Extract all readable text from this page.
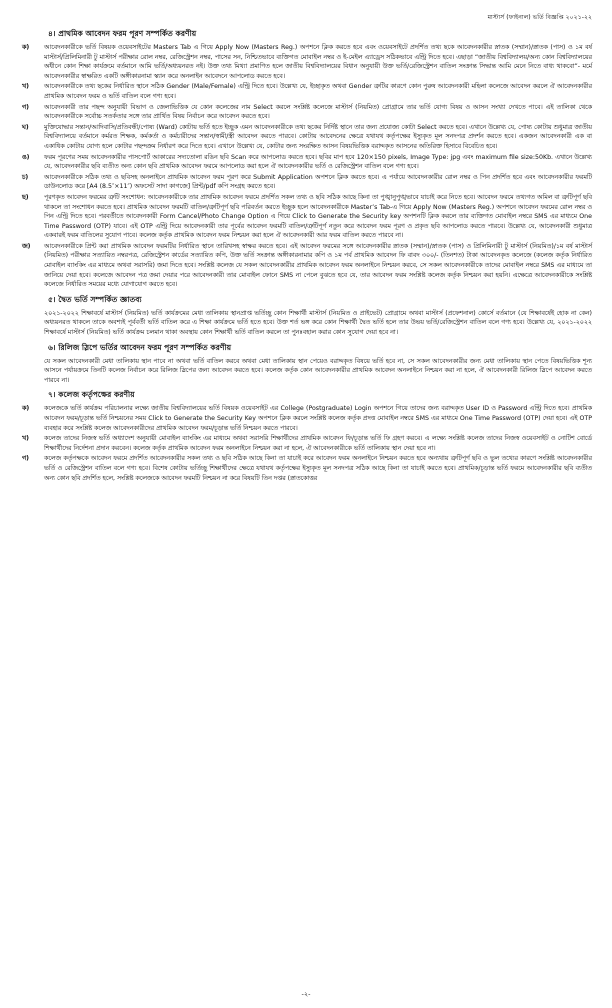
মাস্টার্স (ফাইনাল) ভর্তি বিজ্ঞপ্তি ২০২১-২২
৪। প্রাথমিক আবেদন ফরম পূরণ সম্পর্কিত করণীয়
ক) আবেদনকারীকে ভর্তি বিষয়ক ওয়েবসাইটের Masters Tab এ গিয়ে Apply Now (Masters Reg.) অপশনে ক্লিক করতে হবে এবং ওয়েবসাইটে প্রদর্শিত তথ্য ছকে আবেদনকারীর স্নাতক (সম্মান)/স্নাতক (পাস) ও ১ম বর্ষ মাস্টার্স/প্রিলিমিনারী টু মাস্টার্স পরীক্ষার রোল নম্বর, রেজিস্ট্রেশন নম্বর, পাসের সন, নিশ্চিতভাবে ব্যক্তিগত মোবাইল নম্বর ও ই-মেইল এ্যাড্রেস সঠিকভাবে এন্ট্রি দিতে হবে। এছাড়া “জাতীয় বিশ্ববিদ্যালয়/অন্য কোন বিশ্ববিদ্যালয়ের অধীনে কোন শিক্ষা কার্যক্রমে বর্তমানে আমি ভর্তি/অধ্যয়নরত নই। উক্ত তথ্য মিথ্যা প্রমাণিত হলে জাতীয় বিশ্ববিদ্যালয়ের বিধান অনুযায়ী উক্ত ভর্তি/রেজিস্ট্রেশন বাতিল সংক্রান্ত সিদ্ধান্ত আমি মেনে নিতে বাধ্য থাকবো”- মর্মে আবেদনকারীর স্বাক্ষরিত একটি অঙ্গীকারনামা স্ক্যান করে অনলাইন আবেদনে আপলোড করতে হবে।
খ) আবেদনকারীকে তথ্য ছকের নির্ধারিত স্থানে সঠিক Gender (Male/Female) এন্ট্রি দিতে হবে। উল্লেখ্য যে, ইচ্ছাকৃত অথবা Gender ত্রুটির কারণে কোন পুরুষ আবেদনকারী মহিলা কলেজে আবেদন করলে ঐ আবেদনকারীর প্রাথমিক আবেদন ফরম ও ভর্তি বাতিল বলে গণ্য হবে।
গ) আবেদনকারী তার পছন্দ অনুযায়ী বিভাগ ও জেলাভিত্তিক যে কোন কলেজের নাম Select করলে সংশ্লিষ্ট কলেজে মাস্টার্স (নিয়মিত) প্রোগ্রামে তার ভর্তি যোগ্য বিষয় ও আসন সংখ্যা দেখতে পাবে। এই তালিকা থেকে আবেদনকারীকে সর্বোচ্চ সতর্কতার সঙ্গে তার প্রার্থিত বিষয় নির্বাচন করে আবেদন করতে হবে।
ঘ) মুক্তিযোদ্ধার সন্তান/আদিবাসি/প্রতিবন্ধী/পোষ্য (Ward) কোটায় ভর্তি হতে ইচ্ছুক এমন আবেদনকারীকে তথ্য ছকের নির্দিষ্ট স্থানে তার জন্য প্রযোজ্য কোটা Select করতে হবে। এখানে উল্লেখ্য যে, পোষ্য কোটায় শুধুমাত্র জাতীয় বিশ্ববিদ্যালয়ে বর্তমানে কর্মরত শিক্ষক, কর্মকর্তা ও কর্মচারীদের সন্তান/স্বামী/স্ত্রী আবেদন করতে পারবে। কোটায় আবেদনের ক্ষেত্রে যথাযথ কর্তৃপক্ষের ইস্যুকৃত মূল সনদপত্র প্রদর্শন করতে হবে। একজন আবেদনকারী এক বা একাধিক কোটায় যোগ্য হলে কোটার পছন্দক্রম নির্ধারণ করে দিতে হবে। এখানে উল্লেখ্য যে, কোটার জন্য সংরক্ষিত আসন বিষয়ভিত্তিক বরাদ্দকৃত আসনের অতিরিক্ত হিসাবে বিবেচিত হবে।
ঙ) ফরম পূরণের সময় আবেদনকারীর পাসপোর্ট আকারের সদ্যতোলা রঙিন ছবি Scan করে আপলোড করতে হবে। ছবির মাপ হবে 120×150 pixels, Image Type: jpg এবং maximum file size:50Kb. এখানে উল্লেখ্য যে, আবেদনকারীর ছবি ব্যতীত অন্য কোন ছবি প্রাথমিক আবেদন ফরমে আপলোড করা হলে ঐ আবেদনকারীর ভর্তি ও রেজিস্ট্রেশন বাতিল বলে গণ্য হবে।
চ)	আবেদনকারীকে সঠিক তথ্য ও ছবিসহ অনলাইনে প্রাথমিক আবেদন ফরম পূরণ করে Submit Application অপশনে ক্লিক করতে হবে। এ পর্যায়ে আবেদনকারীর রোল নম্বর ও পিন প্রদর্শিত হবে এবং আবেদনকারীর ফরমটি ডাউনলোড করে [A4 (8.5″×11″) অফসেট সাদা কাগজে] প্রিন্ট/pdf কপি সংগ্রহ করতে হবে।
ছ) পূরণকৃত আবেদন ফরমের ত্রুটি সংশোধন: আবেদনকারীকে তার প্রাথমিক আবেদন ফরমে প্রদর্শিত সকল তথ্য ও ছবি সঠিক আছে কিনা তা পুঙ্খানুপুঙ্খভাবে যাচাই করে নিতে হবে। আবেদন ফরমে তথ্যগত অমিল বা ত্রুটিপূর্ণ ছবি থাকলে তা সংশোধন করতে হবে। প্রাথমিক আবেদন ফরমটি বাতিল/ত্রুটিপূর্ণ ছবি পরিবর্তন করতে ইচ্ছুক হলে আবেদনকারীকে Master’s Tab-এ গিয়ে Apply Now (Masters Reg.) অপশনে আবেদন ফরমের রোল নম্বর ও পিন এন্ট্রি দিতে হবে। পরবর্তীতে আবেদনকারী Form Cancel/Photo Change Option এ গিয়ে Click to Generate the Security key অপশনটি ক্লিক করলে তার ব্যক্তিগত মোবাইল নম্বরে SMS এর মাধ্যমে One Time Password (OTP) যাবে। এই OTP এন্ট্রি দিয়ে আবেদনকারী তার পূর্বের আবেদন ফরমটি বাতিল/ত্রুটিপূর্ণ নতুন করে আবেদন ফরম পূরণ ও প্রকৃত ছবি আপলোড করতে পারবে। উল্লেখ্য যে, আবেদনকারী শুধুমাত্র একবারই ফরম বাতিলের সুযোগ পাবে। কলেজ কর্তৃক প্রাথমিক আবেদন ফরম নিশ্চয়ন করা হলে ঐ আবেদনকারী আর ফরম বাতিল করতে পারবে না।
জ) আবেদনকারীকে প্রিন্ট করা প্রাথমিক আবেদন ফরমটির নির্ধারিত স্থানে তারিখসহ স্বাক্ষর করতে হবে। এই আবেদন ফরমের সঙ্গে আবেদনকারীর স্নাতক (সম্মান)/স্নাতক (পাস) ও প্রিলিমিনারী টু মাস্টার্স (নিয়মিত)/১ম বর্ষ মাস্টার্স (নিয়মিত) পরীক্ষার সত্যায়িত নম্বরপত্র, রেজিস্ট্রেশন কার্ডের সত্যায়িত কপি, উক্ত ভর্তি সংক্রান্ত অঙ্গীকারনামার কপি ও ১ম পর্ব প্রাথমিক আবেদন ফি বাবদ ৩০০/- (তিনশত) টাকা আবেদনকৃত কলেজে (কলেজ কর্তৃক নির্ধারিত মোবাইল ব্যাংকিং এর মাধ্যমে অথবা সরাসরি) জমা দিতে হবে। সংশ্লিষ্ট কলেজ যে সকল আবেদনকারীর প্রাথমিক আবেদন ফরম অনলাইনে নিশ্চয়ন করবে, সে সকল আবেদনকারীকে তাদের মোবাইল নম্বরে SMS এর মাধ্যমে তা জানিয়ে দেয়া হবে। কলেজে আবেদন পত্র জমা দেয়ার পরে আবেদনকারী তার মোবাইল ফোনে SMS না পেলে বুঝতে হবে যে, তার আবেদন ফরম সংশ্লিষ্ট কলেজ কর্তৃক নিশ্চয়ন করা হয়নি। এক্ষেত্রে আবেদনকারীকে সংশ্লিষ্ট কলেজে নির্ধারিত সময়ের মধ্যে যোগাযোগ করতে হবে।
৫। দ্বৈত ভর্তি সম্পর্কিত জ্ঞাতব্য
২০২১-২০২২ শিক্ষাবর্ষে মাস্টার্স (নিয়মিত) ভর্তি কার্যক্রমের মেধা তালিকায় স্থানপ্রাপ্ত ভর্তিচ্ছু কোন শিক্ষার্থী মাস্টার্স (নিয়মিত ও প্রাইভেট) প্রোগ্রামে অথবা মাস্টার্স (প্রফেশনাল) কোর্সে বর্তমানে (যে শিক্ষাবর্ষেই হোক না কেন) অধ্যয়নরত থাকলে তাকে অবশ্যই পূর্ববর্তী ভর্তি বাতিল করে এ শিক্ষা কার্যক্রমে ভর্তি হতে হবে। উক্ত শর্ত ভঙ্গ করে কোন শিক্ষার্থী দ্বৈত ভর্তি হলে তার উভয় ভর্তি/রেজিস্ট্রেশন বাতিল বলে গণ্য হবে। উল্লেখ্য যে, ২০২১-২০২২ শিক্ষাবর্ষে মাস্টার্স (নিয়মিত) ভর্তি কার্যক্রম চলমান থাকা অবস্থায় কোন শিক্ষার্থী ভর্তি বাতিল করলে তা পুনঃবহাল করার কোন সুযোগ দেয়া হবে না।
৬। রিলিজ স্লিপে ভর্তির আবেদন ফরম পূরণ সম্পর্কিত করণীয়
যে সকল আবেদনকারী মেধা তালিকায় স্থান পাবে না অথবা ভর্তি বাতিল করবে অথবা মেধা তালিকায় স্থান পেয়েও বরাদ্দকৃত বিষয়ে ভর্তি হবে না, সে সকল আবেদনকারীর জন্য মেধা তালিকায় স্থান পেতে বিষয়ভিত্তিক শূন্য আসনে পর্যায়ক্রমে তিনটি কলেজ নির্বাচন করে রিলিজ স্লিপের জন্য আবেদন করতে হবে। কলেজ কর্তৃক কোন আবেদনকারীর প্রাথমিক আবেদন অনলাইনে নিশ্চয়ন করা না হলে, ঐ আবেদনকারী রিলিজ স্লিপে আবেদন করতে পারবে না।
৭। কলেজ কর্তৃপক্ষের করণীয়
ক) কলেজকে ভর্তি কার্যক্রম পরিচালনার লক্ষ্যে জাতীয় বিশ্ববিদ্যালয়ের ভর্তি বিষয়ক ওয়েবসাইট এর College (Postgraduate) Login অপশনে গিয়ে তাদের জন্য বরাদ্দকৃত User ID ও Password এন্ট্রি দিতে হবে। প্রাথমিক আবেদন ফরম/চূড়ান্ত ভর্তি নিশ্চয়নের সময় Click to Generate the Security Key অপশনে ক্লিক করলে সংশ্লিষ্ট কলেজ কর্তৃক প্রদত্ত মোবাইল নম্বরে SMS এর মাধ্যমে One Time Password (OTP) দেয়া হবে। এই OTP ব্যবহার করে সংশ্লিষ্ট কলেজ আবেদনকারীদের প্রাথমিক আবেদন ফরম/চূড়ান্ত ভর্তি নিশ্চয়ন করতে পারবে।
খ) কলেজ তাদের নিজস্ব ভর্তি অধ্যাদেশ অনুযায়ী মোবাইল ব্যাংকিং এর মাধ্যমে অথবা সরাসরি শিক্ষার্থীদের প্রাথমিক আবেদন ফি/চূড়ান্ত ভর্তি ফি গ্রহণ করবে। এ লক্ষ্যে সংশ্লিষ্ট কলেজ তাদের নিজস্ব ওয়েবসাইট ও নোটিশ বোর্ডে শিক্ষার্থীদের নির্দেশনা প্রদান করবেন। কলেজ কর্তৃক প্রাথমিক আবেদন ফরম অনলাইনে নিশ্চয়ন করা না হলে, ঐ আবেদনকারীকে ভর্তি তালিকায় স্থান দেয়া হবে না।
গ) কলেজ কর্তৃপক্ষকে আবেদন ফরমে প্রদর্শিত আবেদনকারীর সকল তথ্য ও ছবি সঠিক আছে কিনা তা যাচাই করে আবেদন ফরম অনলাইনে নিশ্চয়ন করতে হবে অন্যথায় ত্রুটিপূর্ণ ছবি ও ভুল তথ্যের কারণে সংশ্লিষ্ট আবেদনকারীর ভর্তি ও রেজিস্ট্রেশন বাতিল বলে গণ্য হবে। বিশেষ কোটায় ভর্তিচ্ছু শিক্ষার্থীদের ক্ষেত্রে যথাযথ কর্তৃপক্ষের ইস্যুকৃত মূল সনদপত্র সঠিক আছে কিনা তা যাচাই করতে হবে। প্রাথমিক/চূড়ান্ত ভর্তি ফরমে আবেদনকারীর ছবি ব্যতীত অন্য কোন ছবি প্রদর্শিত হলে, সংশ্লিষ্ট কলেজকে আবেদন ফরমটি নিশ্চয়ন না করে বিষয়টি তিন দপ্তর (স্নাতকোত্তর
-২-
